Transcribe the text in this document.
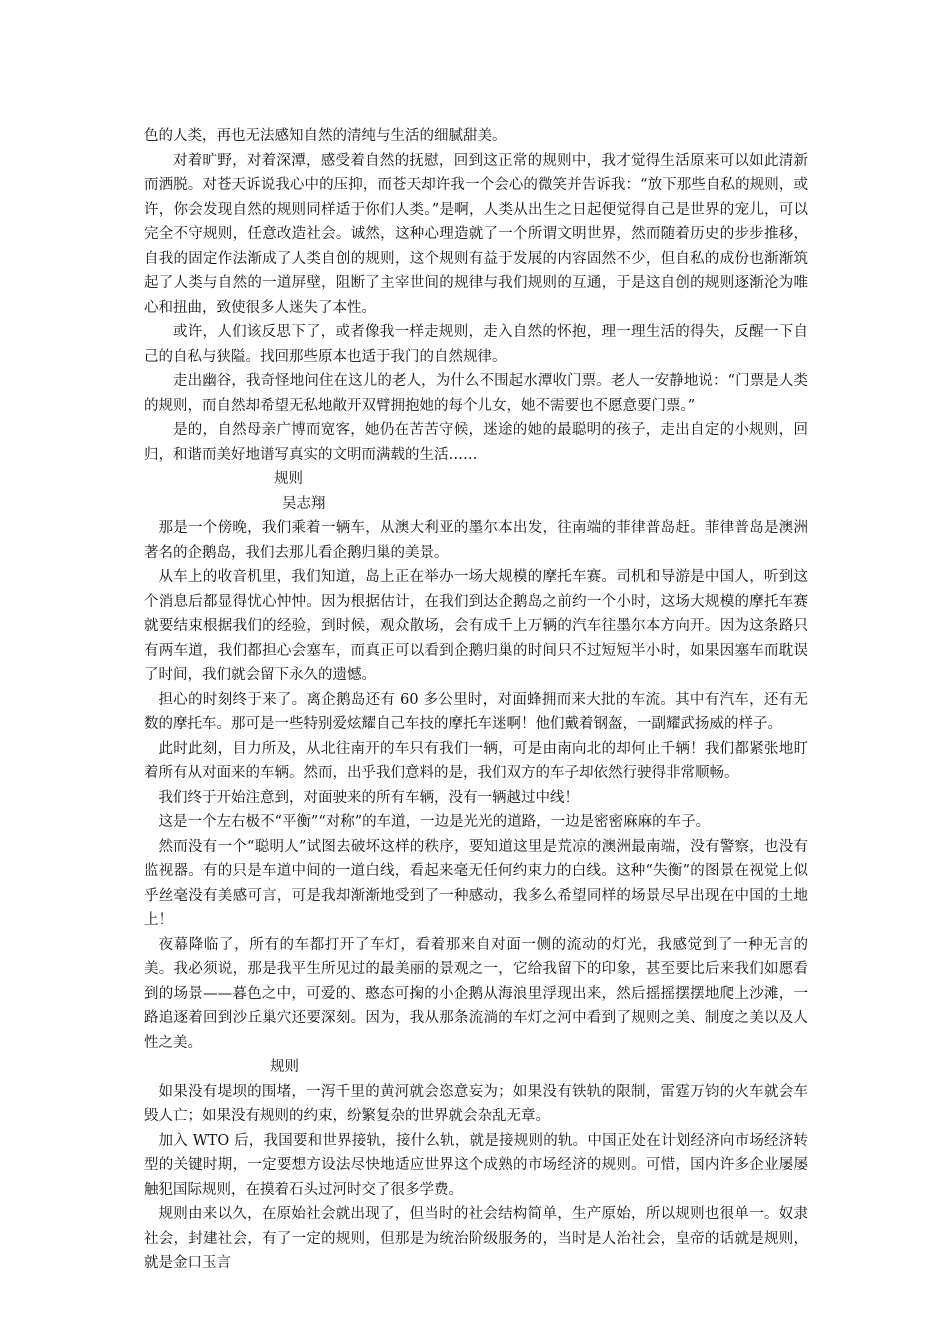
色的人类，再也无法感知自然的清纯与生活的细腻甜美。

对着旷野，对着深潭，感受着自然的抚慰，回到这正常的规则中，我才觉得生活原来可以如此清新而洒脱。对苍天诉说我心中的压抑，而苍天却许我一个会心的微笑并告诉我：“放下那些自私的规则，或许，你会发现自然的规则同样适于你们人类。”是啊，人类从出生之日起便觉得自己是世界的宠儿，可以完全不守规则，任意改造社会。诚然，这种心理造就了一个所谓文明世界，然而随着历史的步步推移，自我的固定作法渐成了人类自创的规则，这个规则有益于发展的内容固然不少，但自私的成份也渐渐筑起了人类与自然的一道屏壁，阻断了主宰世间的规律与我们规则的互通，于是这自创的规则逐渐沦为唯心和扭曲，致使很多人迷失了本性。

或许，人们该反思下了，或者像我一样走规则，走入自然的怀抱，理一理生活的得失，反醒一下自己的自私与狭隘。找回那些原本也适于我门的自然规律。

走出幽谷，我奇怪地问住在这儿的老人，为什么不围起水潭收门票。老人一安静地说：“门票是人类的规则，而自然却希望无私地敞开双臂拥抱她的每个儿女，她不需要也不愿意要门票。”

是的，自然母亲广博而宽客，她仍在苦苦守候，迷途的她的最聪明的孩子，走出自定的小规则，回归，和谐而美好地谱写真实的文明而满载的生活……

规则

吴志翔

那是一个傍晚，我们乘着一辆车，从澳大利亚的墨尔本出发，往南端的菲律普岛赶。菲律普岛是澳洲著名的企鹅岛，我们去那儿看企鹅归巢的美景。

从车上的收音机里，我们知道，岛上正在举办一场大规模的摩托车赛。司机和导游是中国人，听到这个消息后都显得忧心忡忡。因为根据估计，在我们到达企鹅岛之前约一个小时，这场大规模的摩托车赛就要结束根据我们的经验，到时候，观众散场，会有成千上万辆的汽车往墨尔本方向开。因为这条路只有两车道，我们都担心会塞车，而真正可以看到企鹅归巢的时间只不过短短半小时，如果因塞车而耽误了时间，我们就会留下永久的遗憾。

担心的时刻终于来了。离企鹅岛还有 60 多公里时，对面蜂拥而来大批的车流。其中有汽车，还有无数的摩托车。那可是一些特别爱炫耀自己车技的摩托车迷啊！他们戴着钢盔，一副耀武扬威的样子。

此时此刻，目力所及，从北往南开的车只有我们一辆，可是由南向北的却何止千辆！我们都紧张地盯着所有从对面来的车辆。然而，出乎我们意料的是，我们双方的车子却依然行驶得非常顺畅。

我们终于开始注意到，对面驶来的所有车辆，没有一辆越过中线！

这是一个左右极不“平衡”“对称”的车道，一边是光光的道路，一边是密密麻麻的车子。

然而没有一个“聪明人”试图去破坏这样的秩序，要知道这里是荒凉的澳洲最南端，没有警察，也没有监视器。有的只是车道中间的一道白线，看起来毫无任何约束力的白线。这种“失衡”的图景在视觉上似乎丝毫没有美感可言，可是我却渐渐地受到了一种感动，我多么希望同样的场景尽早出现在中国的土地上！

夜幕降临了，所有的车都打开了车灯，看着那来自对面一侧的流动的灯光，我感觉到了一种无言的美。我必须说，那是我平生所见过的最美丽的景观之一，它给我留下的印象，甚至要比后来我们如愿看到的场景——暮色之中，可爱的、憨态可掬的小企鹅从海浪里浮现出来，然后摇摇摆摆地爬上沙滩，一路追逐着回到沙丘巢穴还要深刻。因为，我从那条流淌的车灯之河中看到了规则之美、制度之美以及人性之美。

规则

如果没有堤坝的围堵，一泻千里的黄河就会恣意妄为；如果没有铁轨的限制，雷霆万钧的火车就会车毁人亡；如果没有规则的约束，纷繁复杂的世界就会杂乱无章。

加入 WTO 后，我国要和世界接轨，接什么轨，就是接规则的轨。中国正处在计划经济向市场经济转型的关键时期，一定要想方设法尽快地适应世界这个成熟的市场经济的规则。可惜，国内许多企业屡屡触犯国际规则，在摸着石头过河时交了很多学费。

规则由来以久，在原始社会就出现了，但当时的社会结构简单，生产原始，所以规则也很单一。奴隶社会，封建社会，有了一定的规则，但那是为统治阶级服务的，当时是人治社会，皇帝的话就是规则，就是金口玉言
